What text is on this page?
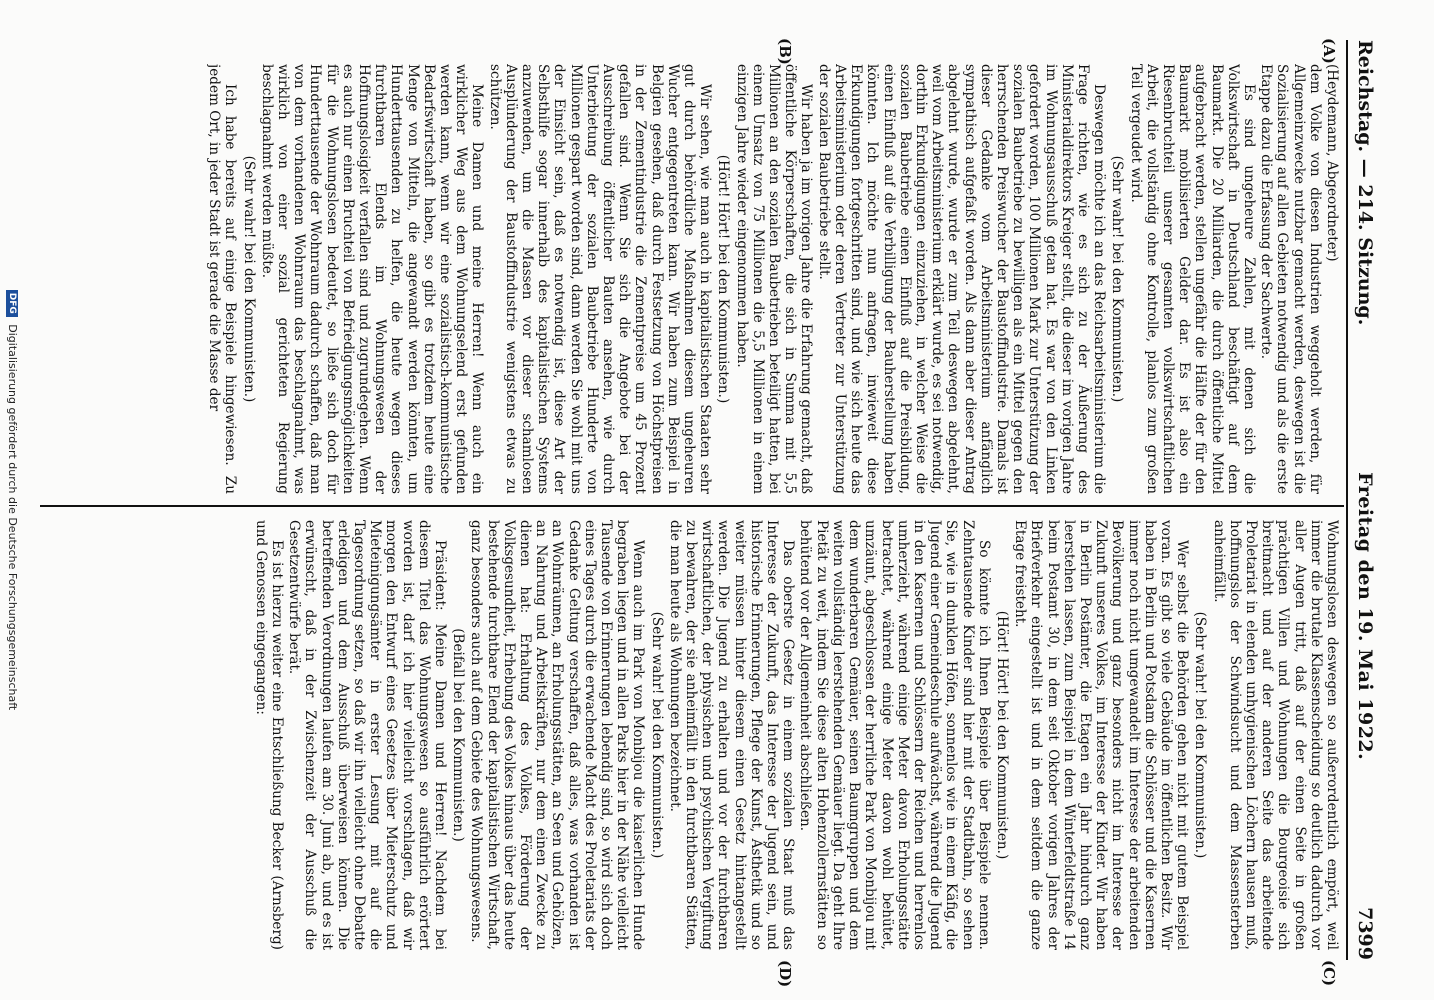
Reichstag. — 214. Sitzung.
Freitag den 19. Mai 1922.
7399
(A)
(B)
(C)
(D)

(Heydemann, Abgeordneter)

dem Volke von diesen Industrien weggeholt werden, für Allgemeinzwecke nutzbar gemacht werden, deswegen ist die Sozialisierung auf allen Gebieten notwendig und als die erste Etappe dazu die Erfassung der Sachwerte.

Es sind ungeheure Zahlen, mit denen sich die Volkswirtschaft in Deutschland beschäftigt auf dem Baumarkt. Die 20 Milliarden, die durch öffentliche Mittel aufgebracht werden, stellen ungefähr die Hälfte der für den Baumarkt mobilisierten Gelder dar. Es ist also ein Riesenbruchteil unserer gesamten volkswirtschaftlichen Arbeit, die vollständig ohne Kontrolle, planlos zum großen Teil vergeudet wird.

(Sehr wahr! bei den Kommunisten.)

Deswegen möchte ich an das Reichsarbeitsministerium die Frage richten, wie es sich zu der Äußerung des Ministerialdirektors Kreiger stellt, die dieser im vorigen Jahre im Wohnungsausschuß getan hat. Es war von den Linken gefordert worden, 100 Millionen Mark zur Unterstützung der sozialen Baubetriebe zu bewilligen als ein Mittel gegen den herrschenden Preiswucher der Baustoffindustrie. Damals ist dieser Gedanke vom Arbeitsministerium anfänglich sympathisch aufgefaßt worden. Als dann aber dieser Antrag abgelehnt wurde, wurde er zum Teil deswegen abgelehnt, weil vom Arbeitsministerium erklärt wurde, es sei notwendig, dorthin Erkundigungen einzuziehen, in welcher Weise die sozialen Baubetriebe einen Einfluß auf die Preisbildung, einen Einfluß auf die Verbilligung der Bauherstellung haben könnten. Ich möchte nun anfragen, inwieweit diese Erkundigungen fortgeschritten sind, und wie sich heute das Arbeitsministerium oder deren Vertreter zur Unterstützung der sozialen Baubetriebe stellt.

Wir haben ja im vorigen Jahre die Erfahrung gemacht, daß öffentliche Körperschaften, die sich in Summa mit 5,5 Millionen an den sozialen Baubetrieben beteiligt hatten, bei einem Umsatz von 75 Millionen die 5,5 Millionen in einem einzigen Jahre wieder eingenommen haben.

(Hört! Hört! bei den Kommunisten.)

Wir sehen, wie man auch in kapitalistischen Staaten sehr gut durch behördliche Maßnahmen diesem ungeheuren Wucher entgegentreten kann. Wir haben zum Beispiel in Belgien gesehen, daß durch Festsetzung von Höchstpreisen in der Zementindustrie die Zementpreise um 45 Prozent gefallen sind. Wenn Sie sich die Angebote bei der Ausschreibung öffentlicher Bauten ansehen, wie durch Unterbietung der sozialen Baubetriebe Hunderte von Millionen gespart worden sind, dann werden Sie wohl mit uns der Einsicht sein, daß es notwendig ist, diese Art der Selbsthilfe sogar innerhalb des kapitalistischen Systems anzuwenden, um die Massen vor dieser schamlosen Ausplünderung der Baustoffindustrie wenigstens etwas zu schützen.

Meine Damen und meine Herren! Wenn auch ein wirklicher Weg aus dem Wohnungselend erst gefunden werden kann, wenn wir eine sozialistisch-kommunistische Bedarfswirtschaft haben, so gibt es trotzdem heute eine Menge von Mitteln, die angewandt werden könnten, um Hunderttausenden zu helfen, die heute wegen dieses furchtbaren Elends im Wohnungswesen der Hoffnungslosigkeit verfallen sind und zugrundegehen. Wenn es auch nur einen Bruchteil von Befriedigungsmöglichkeiten für die Wohnungslosen bedeutet, so ließe sich doch für Hunderttausende der Wohnraum dadurch schaffen, daß man von dem vorhandenen Wohnraum das beschlagnahmt, was wirklich von einer sozial gerichteten Regierung beschlagnahmt werden müßte.

(Sehr wahr! bei den Kommunisten.)

Ich habe bereits auf einige Beispiele hingewiesen. Zu jedem Ort, in jeder Stadt ist gerade die Masse der

Wohnungslosen deswegen so außerordentlich empört, weil immer die brutale Klassenscheidung so deutlich dadurch vor aller Augen tritt, daß auf der einen Seite in großen prächtigen Villen und Wohnungen die Bourgeoisie sich breitmacht und auf der anderen Seite das arbeitende Proletariat in elenden unhygienischen Löchern hausen muß, hoffnungslos der Schwindsucht und dem Massensterben anheimfällt.

(Sehr wahr! bei den Kommunisten.)

Wer selbst die Behörden gehen nicht mit gutem Beispiel voran. Es gibt so viele Gebäude im öffentlichen Besitz. Wir haben in Berlin und Potsdam die Schlösser und die Kasernen immer noch nicht umgewandelt im Interesse der arbeitenden Bevölkerung und ganz besonders nicht im Interesse der Zukunft unseres Volkes, im Interesse der Kinder. Wir haben in Berlin Postämter, die Etagen ein Jahr hindurch ganz leerstehen lassen, zum Beispiel in dem Winterfeldtstraße 14 beim Postamt 30, in dem seit Oktober vorigen Jahres der Briefverkehr eingestellt ist und in dem seitdem die ganze Etage freisteht.

(Hört! Hört! bei den Kommunisten.)

So könnte ich Ihnen Beispiele über Beispiele nennen. Zehntausende Kinder sind hier mit der Stadtbahn, so sehen Sie, wie in dunklen Höfen, sonnenlos wie in einem Käfig, die Jugend einer Gemeindeschule aufwächst, während die Jugend in den Kasernen und Schlössern der Reichen und herrenlos umherzieht, während einige Meter davon Erholungsstätte betrachtet, während einige Meter davon wohl behütet, umzäunt, abgeschlossen der herrliche Park von Monbijou mit dem wunderbaren Gemäuer, seinen Baumgruppen und dem weiten vollständig leerstehenden Gemäuer liegt. Da geht Ihre Pietät zu weit, indem Sie diese alten Hohenzollernstätten so behütend vor der Allgemeinheit abschließen.

Das oberste Gesetz in einem sozialen Staat muß das Interesse der Zukunft, das Interesse der Jugend sein, und historische Erinnerungen, Pflege der Kunst, Ästhetik und so weiter müssen hinter diesem einen Gesetz hintangestellt werden. Die Jugend zu erhalten und vor der furchtbaren wirtschaftlichen, der physischen und psychischen Vergiftung zu bewahren, der sie anheimfällt in den furchtbaren Stätten, die man heute als Wohnungen bezeichnet.

(Sehr wahr! bei den Kommunisten.)

Wenn auch im Park von Monbijou die kaiserlichen Hunde begraben liegen und in allen Parks hier in der Nähe vielleicht Tausende von Erinnerungen lebendig sind, so wird sich doch eines Tages durch die erwachende Macht des Proletariats der Gedanke Geltung verschaffen, daß alles, was vorhanden ist an Wohnräumen, an Erholungsstätten, an Seen und Gehölzen, an Nahrung und Arbeitskräften, nur dem einen Zwecke zu dienen hat: Erhaltung des Volkes, Förderung der Volksgesundheit, Erhebung des Volkes hinaus über das heute bestehende furchtbare Elend der kapitalistischen Wirtschaft, ganz besonders auch auf dem Gebiete des Wohnungswesens.

(Beifall bei den Kommunisten.)

Präsident: Meine Damen und Herren! Nachdem bei diesem Titel das Wohnungswesen so ausführlich erörtert worden ist, darf ich hier vielleicht vorschlagen, daß wir morgen den Entwurf eines Gesetzes über Mieterschutz und Mieteinigungsämter in erster Lesung mit auf die Tagesordnung setzen, so daß wir ihn vielleicht ohne Debatte erledigen und dem Ausschuß überweisen können. Die betreffenden Verordnungen laufen am 30. Juni ab, und es ist erwünscht, daß in der Zwischenzeit der Ausschuß die Gesetzentwürfe berät.

Es ist hierzu weiter eine Entschließung Becker (Arnsberg) und Genossen eingegangen:

DFG Digitalisierung gefördert durch die Deutsche Forschungsgemeinschaft
